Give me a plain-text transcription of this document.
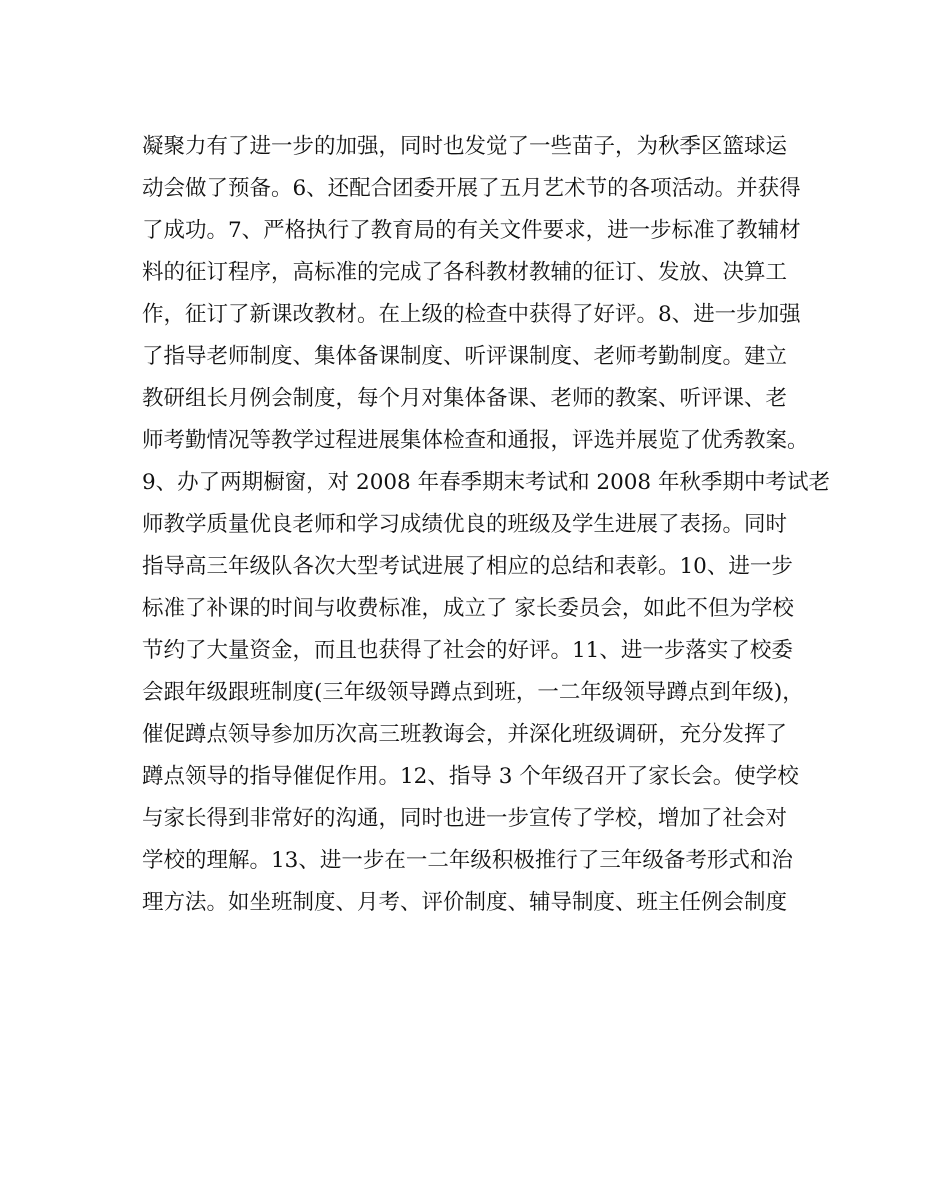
凝聚力有了进一步的加强，同时也发觉了一些苗子，为秋季区篮球运
动会做了预备。6、还配合团委开展了五月艺术节的各项活动。并获得
了成功。7、严格执行了教育局的有关文件要求，进一步标准了教辅材
料的征订程序，高标准的完成了各科教材教辅的征订、发放、决算工
作，征订了新课改教材。在上级的检查中获得了好评。8、进一步加强
了指导老师制度、集体备课制度、听评课制度、老师考勤制度。建立
教研组长月例会制度，每个月对集体备课、老师的教案、听评课、老
师考勤情况等教学过程进展集体检查和通报，评选并展览了优秀教案。
9、办了两期橱窗，对 2008 年春季期末考试和 2008 年秋季期中考试老
师教学质量优良老师和学习成绩优良的班级及学生进展了表扬。同时
指导高三年级队各次大型考试进展了相应的总结和表彰。10、进一步
标准了补课的时间与收费标准，成立了 家长委员会，如此不但为学校
节约了大量资金，而且也获得了社会的好评。11、进一步落实了校委
会跟年级跟班制度(三年级领导蹲点到班，一二年级领导蹲点到年级)，
催促蹲点领导参加历次高三班教诲会，并深化班级调研，充分发挥了
蹲点领导的指导催促作用。12、指导 3 个年级召开了家长会。使学校
与家长得到非常好的沟通，同时也进一步宣传了学校，增加了社会对
学校的理解。13、进一步在一二年级积极推行了三年级备考形式和治
理方法。如坐班制度、月考、评价制度、辅导制度、班主任例会制度
